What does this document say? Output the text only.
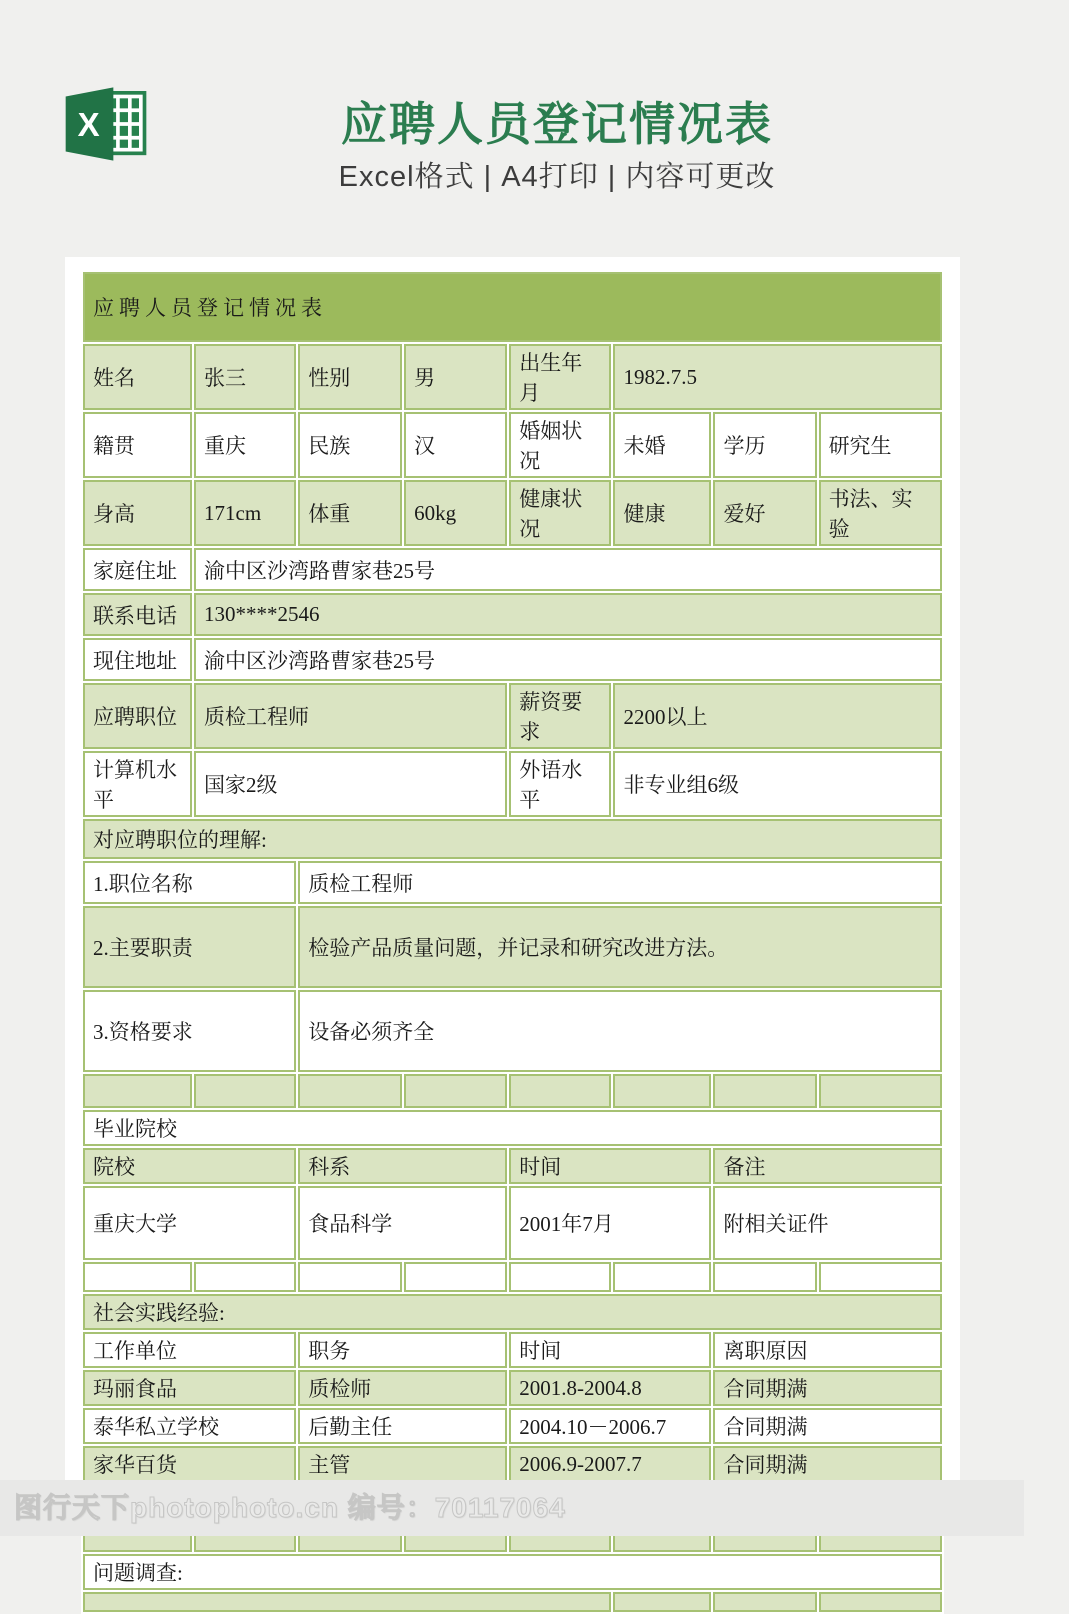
X	应聘人员登记情况表
Excel格式 | A4打印 | 内容可更改
应聘人员登记情况表							
姓名	张三	性别	男	出生年月	1982.7.5		
籍贯	重庆	民族	汉	婚姻状况	未婚	学历	研究生
身高	171cm	体重	60kg	健康状况	健康	爱好	书法、实验
家庭住址	渝中区沙湾路曹家巷25号						
联系电话	130****2546						
现住地址	渝中区沙湾路曹家巷25号						
应聘职位	质检工程师			薪资要求	2200以上		
计算机水平	国家2级			外语水平	非专业组6级		
对应聘职位的理解:							
1.职位名称		质检工程师					
2.主要职责		检验产品质量问题，并记录和研究改进方法。					
3.资格要求		设备必须齐全					

毕业院校							
院校		科系		时间		备注	
重庆大学		食品科学		2001年7月		附相关证件	

社会实践经验:							
工作单位		职务		时间		离职原因	
玛丽食品		质检师		2001.8-2004.8		合同期满	
泰华私立学校		后勤主任		2004.10－2006.7		合同期满	
家华百货		主管		2006.9-2007.7		合同期满	

问题调查:							

图行天下photophoto.cn 编号：70117064
